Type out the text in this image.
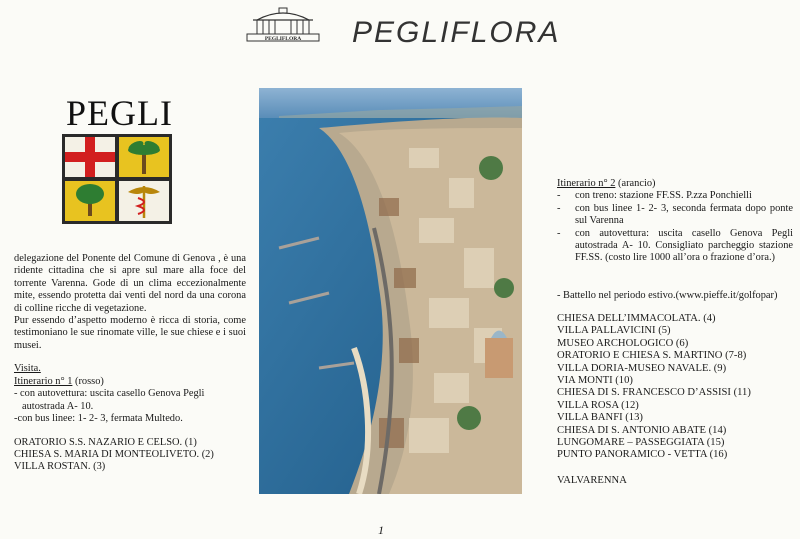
PEGLIFLORA PEGLIFLORA
PEGLI

delegazione del Ponente del Comune di Genova , è una ridente cittadina che si apre sul mare alla foce del torrente Varenna. Gode di un clima eccezionalmente mite, essendo protetta dai venti del nord da una corona di colline ricche di vegetazione.

Pur essendo d’aspetto moderno è ricca di storia, come testimoniano le sue rinomate ville, le sue chiese e i suoi musei.

Visita.
Itinerario n° 1 (rosso)
- con autovettura: uscita casello Genova Pegli
autostrada A- 10.
-con bus linee: 1- 2- 3, fermata Multedo.
ORATORIO S.S. NAZARIO E CELSO. (1)
CHIESA S. MARIA DI MONTEOLIVETO. (2)
VILLA ROSTAN. (3)
Itinerario n° 2 (arancio)
-	con treno: stazione FF.SS. P.zza Ponchielli
-	con bus linee 1- 2- 3, seconda fermata dopo ponte sul Varenna
-	con autovettura: uscita casello Genova Pegli autostrada A- 10. Consigliato parcheggio stazione FF.SS. (costo lire 1000 all’ora o frazione d’ora.)
- Battello nel periodo estivo.(www.pieffe.it/golfopar)
CHIESA DELL’IMMACOLATA. (4)
VILLA PALLAVICINI (5)
MUSEO ARCHOLOGICO (6)
ORATORIO E CHIESA S. MARTINO (7-8)
VILLA DORIA-MUSEO NAVALE. (9)
VIA MONTI (10)
CHIESA DI S. FRANCESCO D’ASSISI (11)
VILLA ROSA (12)
VILLA BANFI (13)
CHIESA DI S. ANTONIO ABATE (14)
LUNGOMARE – PASSEGGIATA (15)
PUNTO PANORAMICO - VETTA (16)
VALVARENNA
1
